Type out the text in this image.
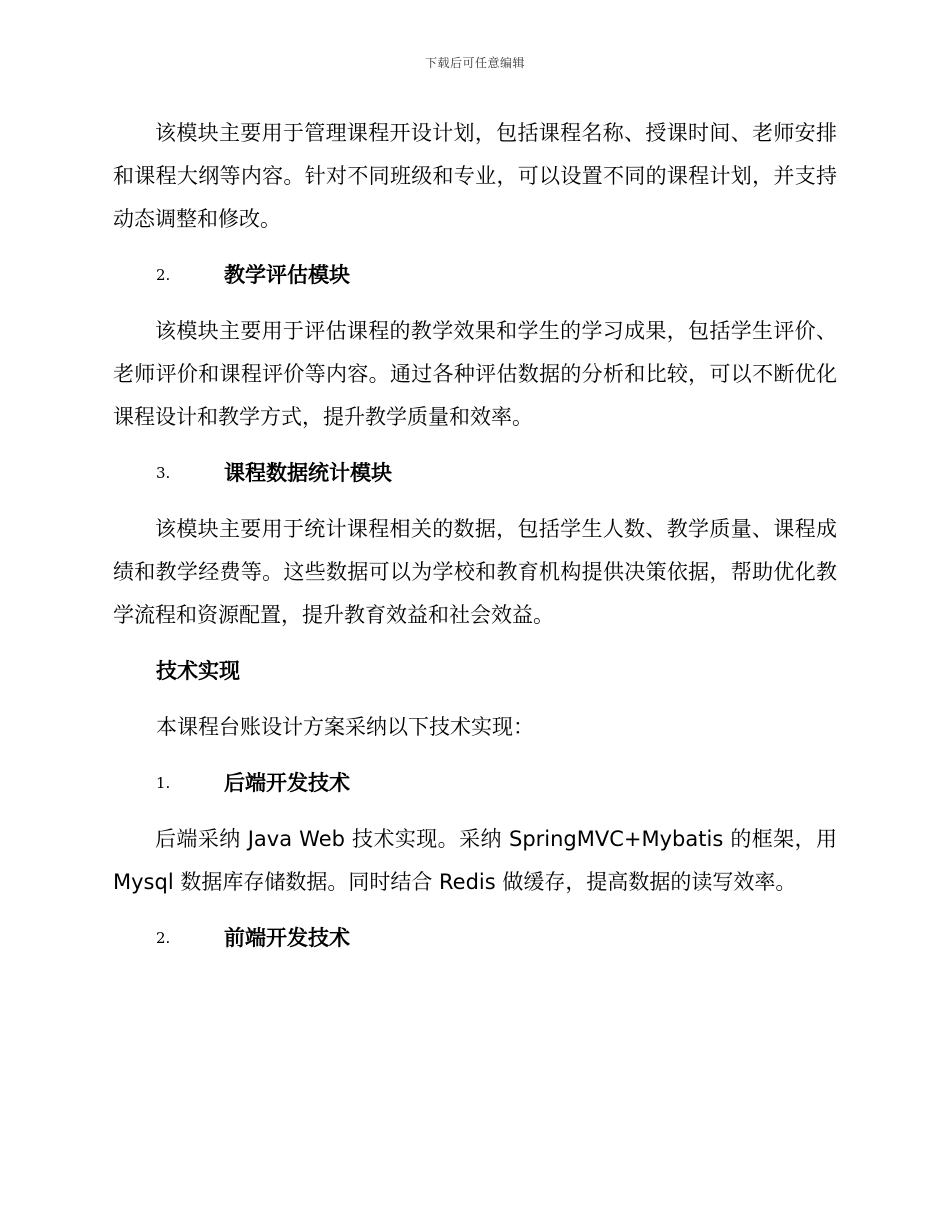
下载后可任意编辑

该模块主要用于管理课程开设计划，包括课程名称、授课时间、老师安排和课程大纲等内容。针对不同班级和专业，可以设置不同的课程计划，并支持动态调整和修改。

2.	教学评估模块

该模块主要用于评估课程的教学效果和学生的学习成果，包括学生评价、老师评价和课程评价等内容。通过各种评估数据的分析和比较，可以不断优化课程设计和教学方式，提升教学质量和效率。

3.	课程数据统计模块

该模块主要用于统计课程相关的数据，包括学生人数、教学质量、课程成绩和教学经费等。这些数据可以为学校和教育机构提供决策依据，帮助优化教学流程和资源配置，提升教育效益和社会效益。

技术实现

本课程台账设计方案采纳以下技术实现：

1.	后端开发技术

后端采纳 Java Web 技术实现。采纳 SpringMVC+Mybatis 的框架，用 Mysql 数据库存储数据。同时结合 Redis 做缓存，提高数据的读写效率。

2.	前端开发技术
